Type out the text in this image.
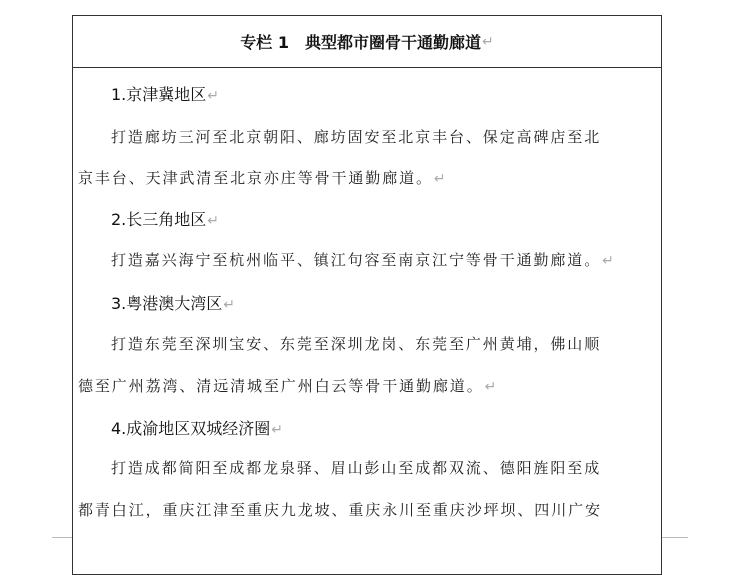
专栏 1　典型都市圈骨干通勤廊道 ↵
1.京津冀地区↵
打造廊坊三河至北京朝阳、廊坊固安至北京丰台、保定高碑店至北
京丰台、天津武清至北京亦庄等骨干通勤廊道。↵
2.长三角地区↵
打造嘉兴海宁至杭州临平、镇江句容至南京江宁等骨干通勤廊道。↵
3.粤港澳大湾区↵
打造东莞至深圳宝安、东莞至深圳龙岗、东莞至广州黄埔，佛山顺
德至广州荔湾、清远清城至广州白云等骨干通勤廊道。↵
4.成渝地区双城经济圈↵
打造成都简阳至成都龙泉驿、眉山彭山至成都双流、德阳旌阳至成
都青白江，重庆江津至重庆九龙坡、重庆永川至重庆沙坪坝、四川广安
